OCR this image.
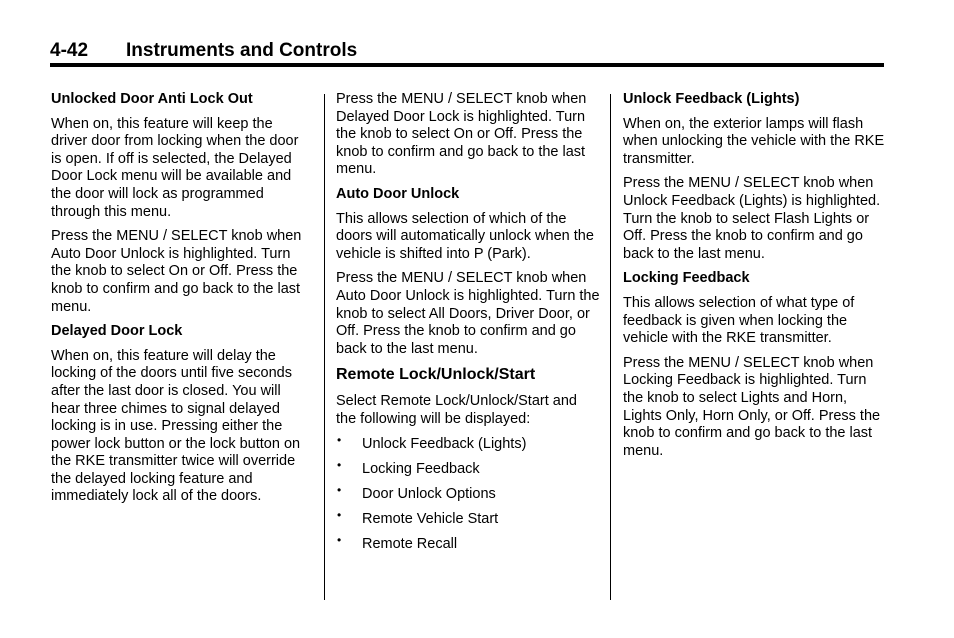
4-42 Instruments and Controls
Unlocked Door Anti Lock Out

When on, this feature will keep the driver door from locking when the door is open. If off is selected, the Delayed Door Lock menu will be available and the door will lock as programmed through this menu.

Press the MENU / SELECT knob when Auto Door Unlock is highlighted. Turn the knob to select On or Off. Press the knob to confirm and go back to the last menu.

Delayed Door Lock

When on, this feature will delay the locking of the doors until five seconds after the last door is closed. You will hear three chimes to signal delayed locking is in use. Pressing either the power lock button or the lock button on the RKE transmitter twice will override the delayed locking feature and immediately lock all of the doors.

Press the MENU / SELECT knob when Delayed Door Lock is highlighted. Turn the knob to select On or Off. Press the knob to confirm and go back to the last menu.

Auto Door Unlock

This allows selection of which of the doors will automatically unlock when the vehicle is shifted into P (Park).

Press the MENU / SELECT knob when Auto Door Unlock is highlighted. Turn the knob to select All Doors, Driver Door, or Off. Press the knob to confirm and go back to the last menu.

Remote Lock/Unlock/Start

Select Remote Lock/Unlock/Start and the following will be displayed:

• Unlock Feedback (Lights)
• Locking Feedback
• Door Unlock Options
• Remote Vehicle Start
• Remote Recall
Unlock Feedback (Lights)

When on, the exterior lamps will flash when unlocking the vehicle with the RKE transmitter.

Press the MENU / SELECT knob when Unlock Feedback (Lights) is highlighted. Turn the knob to select Flash Lights or Off. Press the knob to confirm and go back to the last menu.

Locking Feedback

This allows selection of what type of feedback is given when locking the vehicle with the RKE transmitter.

Press the MENU / SELECT knob when Locking Feedback is highlighted. Turn the knob to select Lights and Horn, Lights Only, Horn Only, or Off. Press the knob to confirm and go back to the last menu.
